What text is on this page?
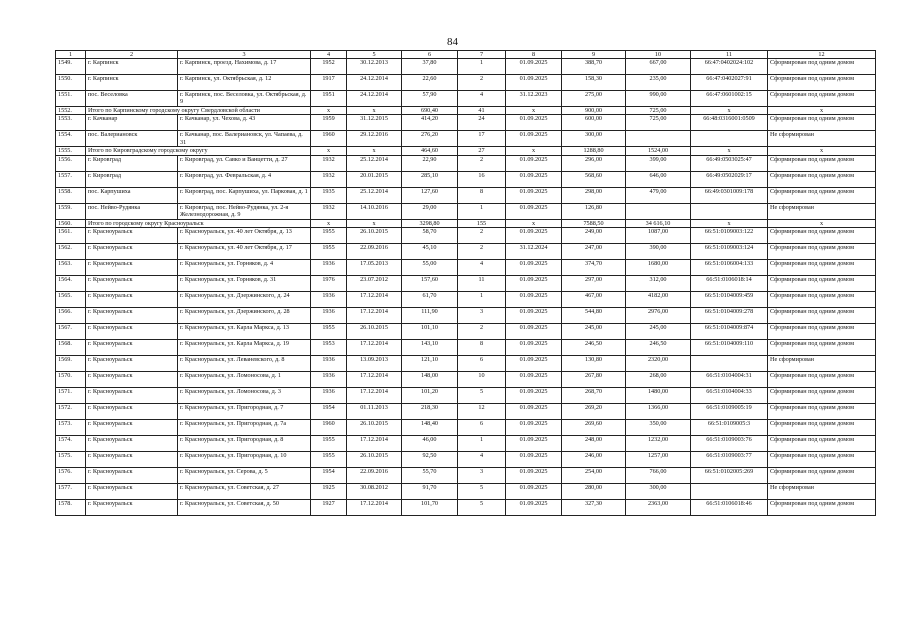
84
1	2	3	4	5	6	7	8	9	10	11	12
1549.	г. Карпинск	г. Карпинск, проезд. Нахимова, д. 17	1952	30.12.2013	37,80	1	01.09.2025	388,70	667,00	66:47:0402024:102	Сформирован под одним домом
1550.	г. Карпинск	г. Карпинск, ул. Октябрьская, д. 12	1917	24.12.2014	22,60	2	01.09.2025	158,30	235,00	66:47:0402027:91	Сформирован под одним домом
1551.	пос. Веселовка	г. Карпинск, пос. Веселовка, ул. Октябрьская, д. 9	1951	24.12.2014	57,90	4	31.12.2023	275,00	990,00	66:47:0601002:15	Сформирован под одним домом
1552.	Итого по Карпинскому городскому округу Свердловской области		x	x	690,40	41	x	900,00	725,00	x	x
1553.	г. Качканар	г. Качканар, ул. Чехова, д. 43	1959	31.12.2015	414,20	24	01.09.2025	600,00	725,00	66:48:0316001:0509	Сформирован под одним домом
1554.	пос. Валериановск	г. Качканар, пос. Валериановск, ул. Чапаева, д. 31	1960	29.12.2016	276,20	17	01.09.2025	300,00			Не сформирован
1555.	Итого по Кировградскому городскому округу		x	x	464,60	27	x	1288,80	1524,00	x	x
1556.	г. Кировград	г. Кировград, ул. Савко и Ванцетти, д. 27	1932	25.12.2014	22,90	2	01.09.2025	296,00	399,00	66:49:0503025:47	Сформирован под одним домом
1557.	г. Кировград	г. Кировград, ул. Февральская, д. 4	1932	20.01.2015	285,10	16	01.09.2025	568,60	646,00	66:49:0502029:17	Сформирован под одним домом
1558.	пос. Карпушиха	г. Кировград, пос. Карпушиха, ул. Парковая, д. 1	1935	25.12.2014	127,60	8	01.09.2025	298,00	479,00	66:49:0301009:178	Сформирован под одним домом
1559.	пос. Нейво-Рудянка	г. Кировград, пос. Нейво-Рудянка, ул. 2-я Железнодорожная, д. 9	1932	14.10.2016	29,00	1	01.09.2025	126,80			Не сформирован
1560.	Итого по городскому округу Красноуральск		x	x	3298,80	155	x	7588,50	34 616,10	x	x
1561.	г. Красноуральск	г. Красноуральск, ул. 40 лет Октября, д. 13	1955	26.10.2015	58,70	2	01.09.2025	249,00	1087,00	66:51:0109003:122	Сформирован под одним домом
1562.	г. Красноуральск	г. Красноуральск, ул. 40 лет Октября, д. 17	1955	22.09.2016	45,10	2	31.12.2024	247,00	390,00	66:51:0109003:124	Сформирован под одним домом
1563.	г. Красноуральск	г. Красноуральск, ул. Горняков, д. 4	1936	17.05.2013	55,00	4	01.09.2025	374,70	1680,00	66:51:0106004:133	Сформирован под одним домом
1564.	г. Красноуральск	г. Красноуральск, ул. Горняков, д. 31	1976	23.07.2012	157,60	11	01.09.2025	297,00	312,00	66:51:0106018:14	Сформирован под одним домом
1565.	г. Красноуральск	г. Красноуральск, ул. Дзержинского, д. 24	1936	17.12.2014	61,70	1	01.09.2025	467,00	4182,00	66:51:0104009:459	Сформирован под одним домом
1566.	г. Красноуральск	г. Красноуральск, ул. Дзержинского, д. 28	1936	17.12.2014	111,90	3	01.09.2025	544,80	2976,00	66:51:0104009:278	Сформирован под одним домом
1567.	г. Красноуральск	г. Красноуральск, ул. Карла Маркса, д. 13	1955	26.10.2015	101,10	2	01.09.2025	245,00	245,00	66:51:0104009:874	Сформирован под одним домом
1568.	г. Красноуральск	г. Красноуральск, ул. Карла Маркса, д. 19	1953	17.12.2014	143,10	8	01.09.2025	246,50	246,50	66:51:0104009:110	Сформирован под одним домом
1569.	г. Красноуральск	г. Красноуральск, ул. Леваневского, д. 8	1936	13.09.2013	121,10	6	01.09.2025	130,80	2320,00		Не сформирован
1570.	г. Красноуральск	г. Красноуральск, ул. Ломоносова, д. 1	1936	17.12.2014	148,00	10	01.09.2025	267,80	268,00	66:51:0104004:31	Сформирован под одним домом
1571.	г. Красноуральск	г. Красноуральск, ул. Ломоносова, д. 3	1936	17.12.2014	101,20	5	01.09.2025	268,70	1480,00	66:51:0104004:33	Сформирован под одним домом
1572.	г. Красноуральск	г. Красноуральск, ул. Пригородная, д. 7	1954	01.11.2013	218,30	12	01.09.2025	269,20	1366,00	66:51:0109005:19	Сформирован под одним домом
1573.	г. Красноуральск	г. Красноуральск, ул. Пригородная, д. 7а	1960	26.10.2015	148,40	6	01.09.2025	269,60	350,00	66:51:0109005:3	Сформирован под одним домом
1574.	г. Красноуральск	г. Красноуральск, ул. Пригородная, д. 8	1955	17.12.2014	46,00	1	01.09.2025	248,00	1232,00	66:51:0109003:76	Сформирован под одним домом
1575.	г. Красноуральск	г. Красноуральск, ул. Пригородная, д. 10	1955	26.10.2015	92,50	4	01.09.2025	246,00	1257,00	66:51:0109003:77	Сформирован под одним домом
1576.	г. Красноуральск	г. Красноуральск, ул. Серова, д. 5	1954	22.09.2016	55,70	3	01.09.2025	254,00	766,00	66:51:0102005:269	Сформирован под одним домом
1577.	г. Красноуральск	г. Красноуральск, ул. Советская, д. 27	1925	30.08.2012	91,70	5	01.09.2025	280,00	300,00		Не сформирован
1578.	г. Красноуральск	г. Красноуральск, ул. Советская, д. 50	1927	17.12.2014	101,70	5	01.09.2025	327,30	2363,00	66:51:0106018:46	Сформирован под одним домом
